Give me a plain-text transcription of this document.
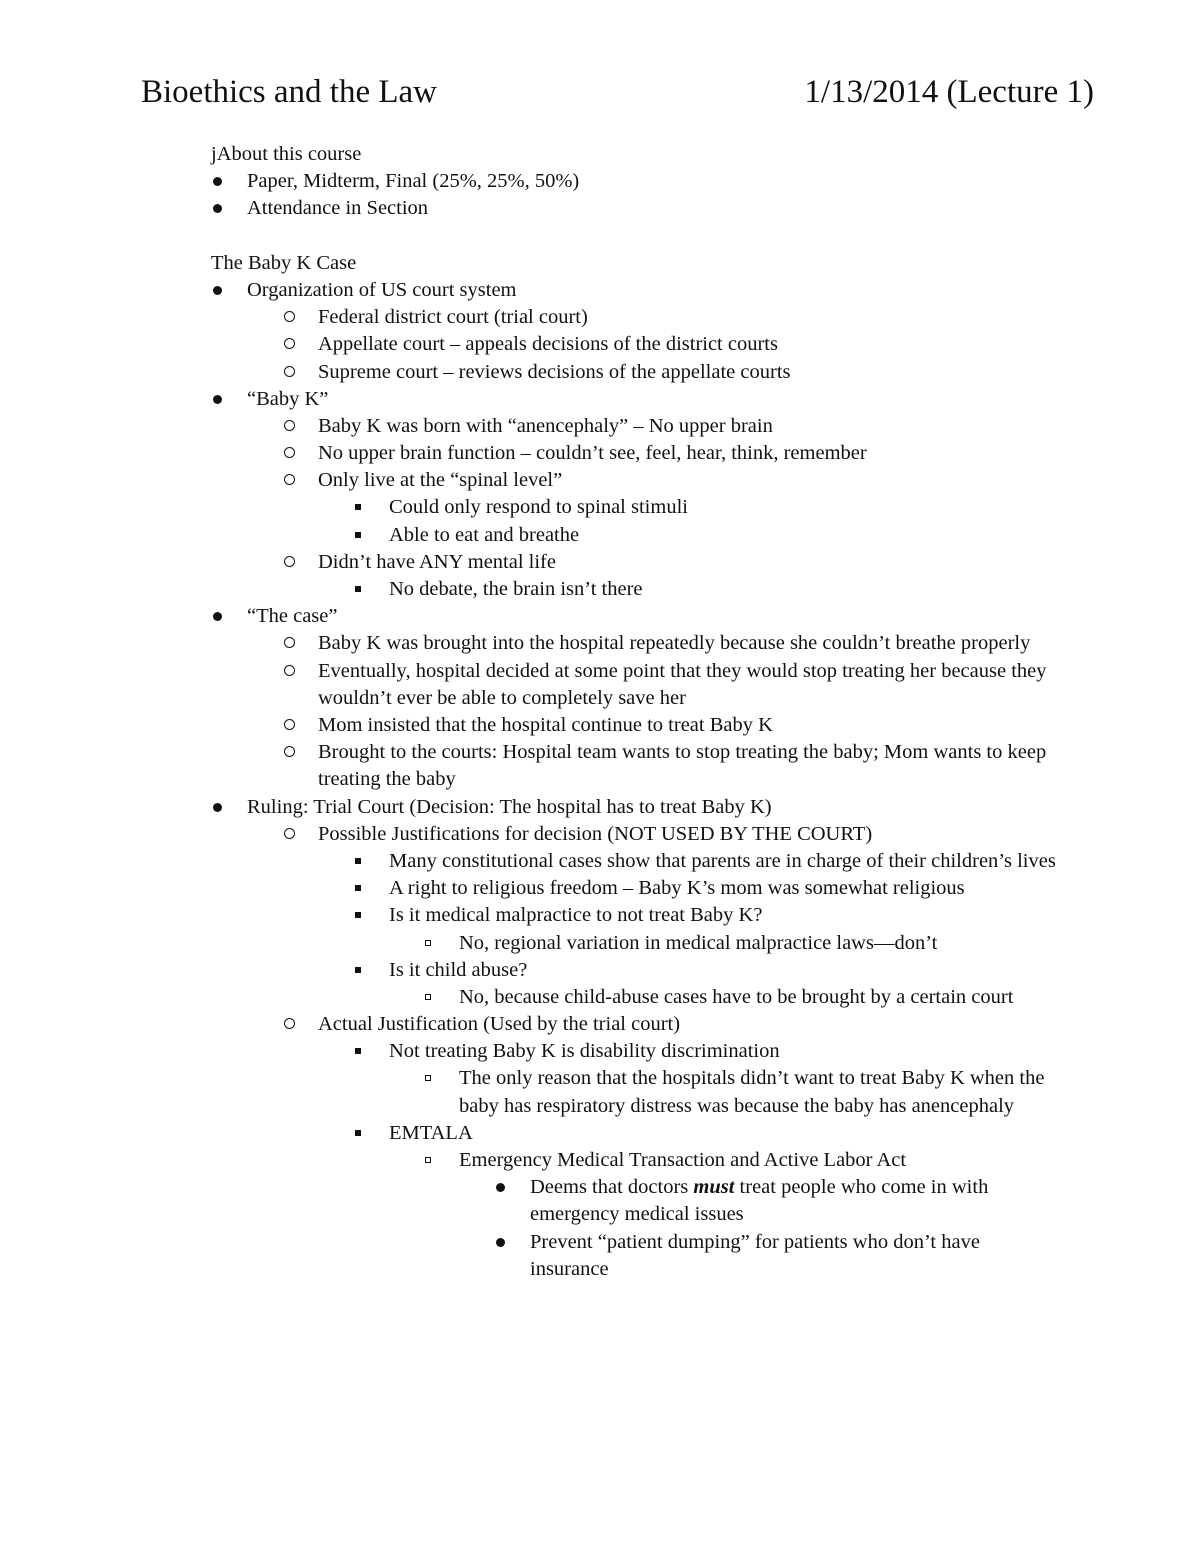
Bioethics and the Law	1/13/2014 (Lecture 1)
jAbout this course
Paper, Midterm, Final (25%, 25%, 50%)
Attendance in Section
The Baby K Case
Organization of US court system
Federal district court (trial court)
Appellate court – appeals decisions of the district courts
Supreme court – reviews decisions of the appellate courts
“Baby K”
Baby K was born with “anencephaly” – No upper brain
No upper brain function – couldn’t see, feel, hear, think, remember
Only live at the “spinal level”
Could only respond to spinal stimuli
Able to eat and breathe
Didn’t have ANY mental life
No debate, the brain isn’t there
“The case”
Baby K was brought into the hospital repeatedly because she couldn’t breathe properly
Eventually, hospital decided at some point that they would stop treating her because they wouldn’t ever be able to completely save her
Mom insisted that the hospital continue to treat Baby K
Brought to the courts: Hospital team wants to stop treating the baby; Mom wants to keep treating the baby
Ruling: Trial Court (Decision: The hospital has to treat Baby K)
Possible Justifications for decision (NOT USED BY THE COURT)
Many constitutional cases show that parents are in charge of their children’s lives
A right to religious freedom – Baby K’s mom was somewhat religious
Is it medical malpractice to not treat Baby K?
No, regional variation in medical malpractice laws—don’t
Is it child abuse?
No, because child-abuse cases have to be brought by a certain court
Actual Justification (Used by the trial court)
Not treating Baby K is disability discrimination
The only reason that the hospitals didn’t want to treat Baby K when the baby has respiratory distress was because the baby has anencephaly
EMTALA
Emergency Medical Transaction and Active Labor Act
Deems that doctors must treat people who come in with emergency medical issues
Prevent “patient dumping” for patients who don’t have insurance
